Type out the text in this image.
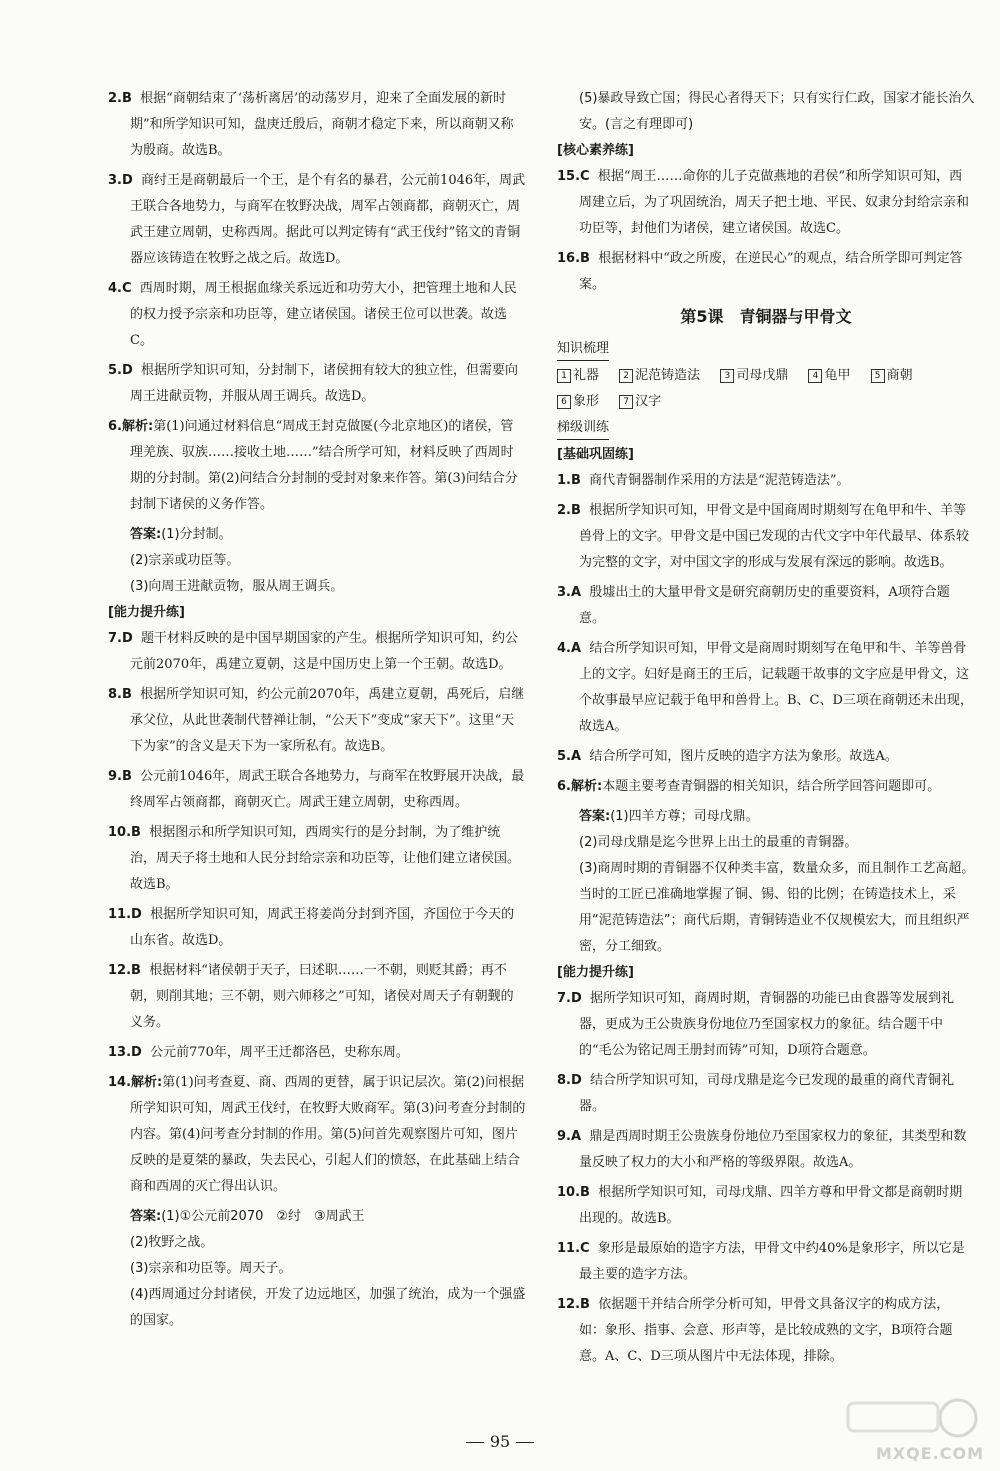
2.B 根据“商朝结束了‘荡析离居’的动荡岁月，迎来了全面发展的新时期”和所学知识可知，盘庚迁殷后，商朝才稳定下来，所以商朝又称为殷商。故选B。

3.D 商纣王是商朝最后一个王，是个有名的暴君，公元前1046年，周武王联合各地势力，与商军在牧野决战，周军占领商都，商朝灭亡，周武王建立周朝，史称西周。据此可以判定铸有“武王伐纣”铭文的青铜器应该铸造在牧野之战之后。故选D。

4.C 西周时期，周王根据血缘关系远近和功劳大小，把管理土地和人民的权力授予宗亲和功臣等，建立诸侯国。诸侯王位可以世袭。故选C。

5.D 根据所学知识可知，分封制下，诸侯拥有较大的独立性，但需要向周王进献贡物，并服从周王调兵。故选D。

6.解析:第(1)问通过材料信息“周成王封克做匽(今北京地区)的诸侯，管理羌族、驭族……接收土地……”结合所学可知，材料反映了西周时期的分封制。第(2)问结合分封制的受封对象来作答。第(3)问结合分封制下诸侯的义务作答。

答案:(1)分封制。

(2)宗亲或功臣等。

(3)向周王进献贡物，服从周王调兵。

[能力提升练]

7.D 题干材料反映的是中国早期国家的产生。根据所学知识可知，约公元前2070年，禹建立夏朝，这是中国历史上第一个王朝。故选D。

8.B 根据所学知识可知，约公元前2070年，禹建立夏朝，禹死后，启继承父位，从此世袭制代替禅让制，“公天下”变成“家天下”。这里“天下为家”的含义是天下为一家所私有。故选B。

9.B 公元前1046年，周武王联合各地势力，与商军在牧野展开决战，最终周军占领商都，商朝灭亡。周武王建立周朝，史称西周。

10.B 根据图示和所学知识可知，西周实行的是分封制，为了维护统治，周天子将土地和人民分封给宗亲和功臣等，让他们建立诸侯国。故选B。

11.D 根据所学知识可知，周武王将姜尚分封到齐国，齐国位于今天的山东省。故选D。

12.B 根据材料“诸侯朝于天子，曰述职……一不朝，则贬其爵；再不朝，则削其地；三不朝，则六师移之”可知，诸侯对周天子有朝觐的义务。

13.D 公元前770年，周平王迁都洛邑，史称东周。

14.解析:第(1)问考查夏、商、西周的更替，属于识记层次。第(2)问根据所学知识可知，周武王伐纣，在牧野大败商军。第(3)问考查分封制的内容。第(4)问考查分封制的作用。第(5)问首先观察图片可知，图片反映的是夏桀的暴政，失去民心，引起人们的愤怒，在此基础上结合商和西周的灭亡得出认识。

答案:(1)①公元前2070　②纣　③周武王

(2)牧野之战。

(3)宗亲和功臣等。周天子。

(4)西周通过分封诸侯，开发了边远地区，加强了统治，成为一个强盛的国家。

(5)暴政导致亡国；得民心者得天下；只有实行仁政，国家才能长治久安。(言之有理即可)

[核心素养练]

15.C 根据“周王……命你的儿子克做燕地的君侯”和所学知识可知，西周建立后，为了巩固统治，周天子把土地、平民、奴隶分封给宗亲和功臣等，封他们为诸侯，建立诸侯国。故选C。

16.B 根据材料中“政之所废，在逆民心”的观点，结合所学即可判定答案。

第5课　青铜器与甲骨文

知识梳理

1 礼器	2 泥范铸造法	3 司母戊鼎	4 龟甲	5 商朝

6 象形	7 汉字

梯级训练

[基础巩固练]

1.B 商代青铜器制作采用的方法是“泥范铸造法”。

2.B 根据所学知识可知，甲骨文是中国商周时期刻写在龟甲和牛、羊等兽骨上的文字。甲骨文是中国已发现的古代文字中年代最早、体系较为完整的文字，对中国文字的形成与发展有深远的影响。故选B。

3.A 殷墟出土的大量甲骨文是研究商朝历史的重要资料，A项符合题意。

4.A 结合所学知识可知，甲骨文是商周时期刻写在龟甲和牛、羊等兽骨上的文字。妇好是商王的王后，记载题干故事的文字应是甲骨文，这个故事最早应记载于龟甲和兽骨上。B、C、D三项在商朝还未出现，故选A。

5.A 结合所学可知，图片反映的造字方法为象形。故选A。

6.解析:本题主要考查青铜器的相关知识，结合所学回答问题即可。

答案:(1)四羊方尊；司母戊鼎。

(2)司母戊鼎是迄今世界上出土的最重的青铜器。

(3)商周时期的青铜器不仅种类丰富，数量众多，而且制作工艺高超。当时的工匠已准确地掌握了铜、锡、铅的比例；在铸造技术上，采用“泥范铸造法”；商代后期，青铜铸造业不仅规模宏大，而且组织严密，分工细致。

[能力提升练]

7.D 据所学知识可知，商周时期，青铜器的功能已由食器等发展到礼器，更成为王公贵族身份地位乃至国家权力的象征。结合题干中的“毛公为铭记周王册封而铸”可知，D项符合题意。

8.D 结合所学知识可知，司母戊鼎是迄今已发现的最重的商代青铜礼器。

9.A 鼎是西周时期王公贵族身份地位乃至国家权力的象征，其类型和数量反映了权力的大小和严格的等级界限。故选A。

10.B 根据所学知识可知，司母戊鼎、四羊方尊和甲骨文都是商朝时期出现的。故选B。

11.C 象形是最原始的造字方法，甲骨文中约40%是象形字，所以它是最主要的造字方法。

12.B 依据题干并结合所学分析可知，甲骨文具备汉字的构成方法，如：象形、指事、会意、形声等，是比较成熟的文字，B项符合题意。A、C、D三项从图片中无法体现，排除。

95
MXQE.COM
